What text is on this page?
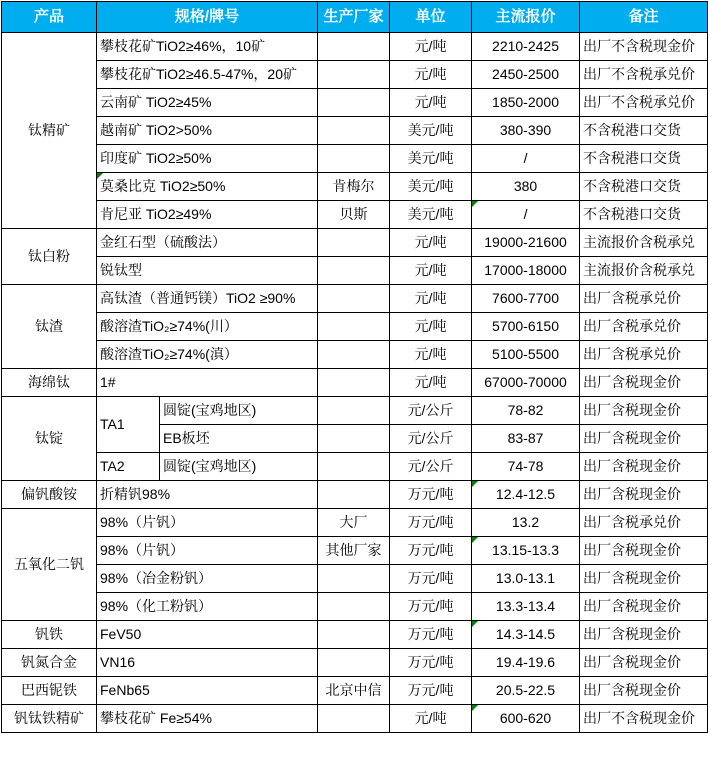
产品	规格/牌号		生产厂家	单位	主流报价	备注
钛精矿	攀枝花矿TiO2≥46%，10矿			元/吨	2210-2425	出厂不含税现金价
	攀枝花矿TiO2≥46.5-47%，20矿			元/吨	2450-2500	出厂不含税承兑价
	云南矿 TiO2≥45%			元/吨	1850-2000	出厂不含税承兑价
	越南矿 TiO2>50%			美元/吨	380-390	不含税港口交货
	印度矿 TiO2≥50%			美元/吨	/	不含税港口交货
	莫桑比克 TiO2≥50%		肯梅尔	美元/吨	380	不含税港口交货
	肯尼亚 TiO2≥49%		贝斯	美元/吨	/	不含税港口交货
钛白粉	金红石型（硫酸法）			元/吨	19000-21600	主流报价含税承兑
	锐钛型			元/吨	17000-18000	主流报价含税承兑
钛渣	高钛渣（普通钙镁）TiO2 ≥90%			元/吨	7600-7700	出厂含税承兑价
	酸溶渣TiO₂≥74%(川）			元/吨	5700-6150	出厂含税承兑价
	酸溶渣TiO₂≥74%(滇）			元/吨	5100-5500	出厂含税承兑价
海绵钛	1#			元/吨	67000-70000	出厂含税现金价
钛锭	TA1	圆锭(宝鸡地区)		元/公斤	78-82	出厂含税现金价
		EB板坯		元/公斤	83-87	出厂含税现金价
	TA2	圆锭(宝鸡地区)		元/公斤	74-78	出厂含税现金价
偏钒酸铵	折精钒98%			万元/吨	12.4-12.5	出厂含税现金价
五氧化二钒	98%（片钒）		大厂	万元/吨	13.2	出厂含税承兑价
	98%（片钒）		其他厂家	万元/吨	13.15-13.3	出厂含税现金价
	98%（冶金粉钒）			万元/吨	13.0-13.1	出厂含税现金价
	98%（化工粉钒）			万元/吨	13.3-13.4	出厂含税现金价
钒铁	FeV50			万元/吨	14.3-14.5	出厂含税现金价
钒氮合金	VN16			万元/吨	19.4-19.6	出厂含税现金价
巴西铌铁	FeNb65		北京中信	万元/吨	20.5-22.5	出厂含税现金价
钒钛铁精矿	攀枝花矿 Fe≥54%			元/吨	600-620	出厂不含税现金价
